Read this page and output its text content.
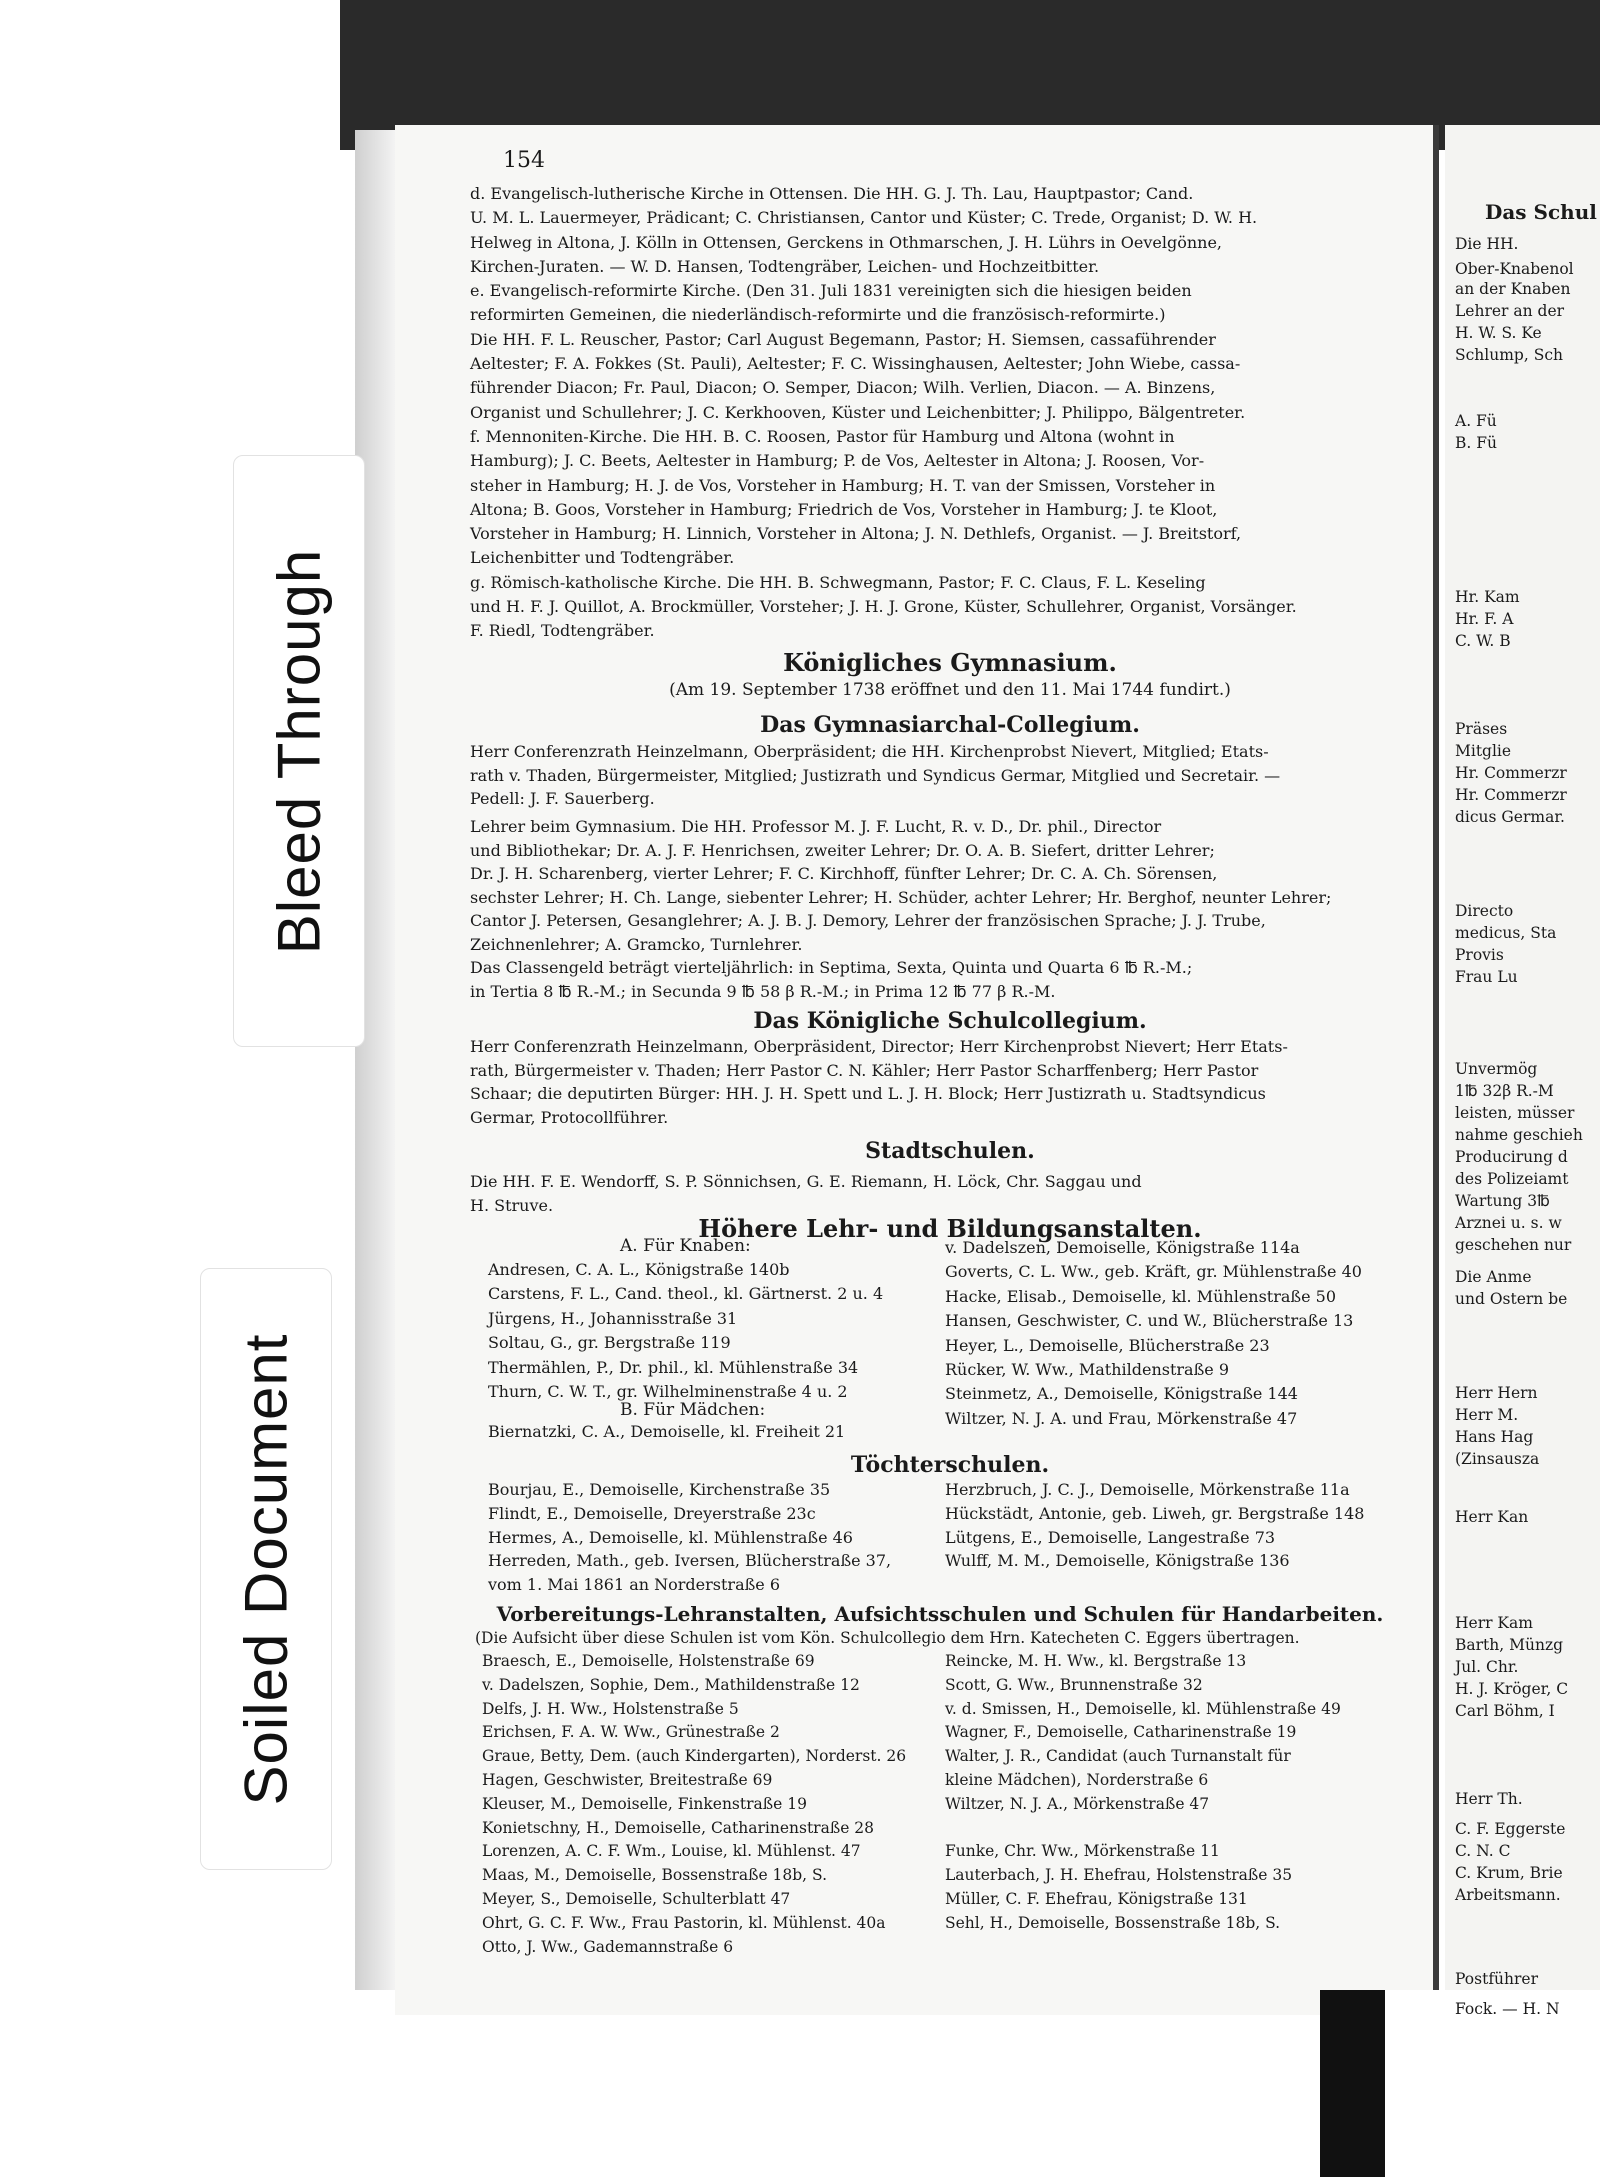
Bleed Through
Soiled Document
154
d. Evangelisch-lutherische Kirche in Ottensen. Die HH. G. J. Th. Lau, Hauptpastor; Cand.
U. M. L. Lauermeyer, Prädicant; C. Christiansen, Cantor und Küster; C. Trede, Organist; D. W. H.
Helweg in Altona, J. Kölln in Ottensen, Gerckens in Othmarschen, J. H. Lührs in Oevelgönne,
Kirchen-Juraten. — W. D. Hansen, Todtengräber, Leichen- und Hochzeitbitter.
e. Evangelisch-reformirte Kirche. (Den 31. Juli 1831 vereinigten sich die hiesigen beiden
reformirten Gemeinen, die niederländisch-reformirte und die französisch-reformirte.)
Die HH. F. L. Reuscher, Pastor; Carl August Begemann, Pastor; H. Siemsen, cassaführender
Aeltester; F. A. Fokkes (St. Pauli), Aeltester; F. C. Wissinghausen, Aeltester; John Wiebe, cassa-
führender Diacon; Fr. Paul, Diacon; O. Semper, Diacon; Wilh. Verlien, Diacon. — A. Binzens,
Organist und Schullehrer; J. C. Kerkhooven, Küster und Leichenbitter; J. Philippo, Bälgentreter.
f. Mennoniten-Kirche. Die HH. B. C. Roosen, Pastor für Hamburg und Altona (wohnt in
Hamburg); J. C. Beets, Aeltester in Hamburg; P. de Vos, Aeltester in Altona; J. Roosen, Vor-
steher in Hamburg; H. J. de Vos, Vorsteher in Hamburg; H. T. van der Smissen, Vorsteher in
Altona; B. Goos, Vorsteher in Hamburg; Friedrich de Vos, Vorsteher in Hamburg; J. te Kloot,
Vorsteher in Hamburg; H. Linnich, Vorsteher in Altona; J. N. Dethlefs, Organist. — J. Breitstorf,
Leichenbitter und Todtengräber.
g. Römisch-katholische Kirche. Die HH. B. Schwegmann, Pastor; F. C. Claus, F. L. Keseling
und H. F. J. Quillot, A. Brockmüller, Vorsteher; J. H. J. Grone, Küster, Schullehrer, Organist, Vorsänger.
F. Riedl, Todtengräber.
Königliches Gymnasium.
(Am 19. September 1738 eröffnet und den 11. Mai 1744 fundirt.)
Das Gymnasiarchal-Collegium.
Herr Conferenzrath Heinzelmann, Oberpräsident; die HH. Kirchenprobst Nievert, Mitglied; Etats-
rath v. Thaden, Bürgermeister, Mitglied; Justizrath und Syndicus Germar, Mitglied und Secretair. —
Pedell: J. F. Sauerberg.
Lehrer beim Gymnasium. Die HH. Professor M. J. F. Lucht, R. v. D., Dr. phil., Director
und Bibliothekar; Dr. A. J. F. Henrichsen, zweiter Lehrer; Dr. O. A. B. Siefert, dritter Lehrer;
Dr. J. H. Scharenberg, vierter Lehrer; F. C. Kirchhoff, fünfter Lehrer; Dr. C. A. Ch. Sörensen,
sechster Lehrer; H. Ch. Lange, siebenter Lehrer; H. Schüder, achter Lehrer; Hr. Berghof, neunter Lehrer;
Cantor J. Petersen, Gesanglehrer; A. J. B. J. Demory, Lehrer der französischen Sprache; J. J. Trube,
Zeichnenlehrer; A. Gramcko, Turnlehrer.
Das Classengeld beträgt vierteljährlich: in Septima, Sexta, Quinta und Quarta 6 ℔ R.-M.;
in Tertia 8 ℔ R.-M.; in Secunda 9 ℔ 58 β R.-M.; in Prima 12 ℔ 77 β R.-M.
Das Königliche Schulcollegium.
Herr Conferenzrath Heinzelmann, Oberpräsident, Director; Herr Kirchenprobst Nievert; Herr Etats-
rath, Bürgermeister v. Thaden; Herr Pastor C. N. Kähler; Herr Pastor Scharffenberg; Herr Pastor
Schaar; die deputirten Bürger: HH. J. H. Spett und L. J. H. Block; Herr Justizrath u. Stadtsyndicus
Germar, Protocollführer.
Stadtschulen.
Die HH. F. E. Wendorff, S. P. Sönnichsen, G. E. Riemann, H. Löck, Chr. Saggau und
H. Struve.
Höhere Lehr- und Bildungsanstalten.
A. Für Knaben:
Andresen, C. A. L., Königstraße 140b
Carstens, F. L., Cand. theol., kl. Gärtnerst. 2 u. 4
Jürgens, H., Johannisstraße 31
Soltau, G., gr. Bergstraße 119
Thermählen, P., Dr. phil., kl. Mühlenstraße 34
Thurn, C. W. T., gr. Wilhelminenstraße 4 u. 2
B. Für Mädchen:
Biernatzki, C. A., Demoiselle, kl. Freiheit 21
v. Dadelszen, Demoiselle, Königstraße 114a
Goverts, C. L. Ww., geb. Kräft, gr. Mühlenstraße 40
Hacke, Elisab., Demoiselle, kl. Mühlenstraße 50
Hansen, Geschwister, C. und W., Blücherstraße 13
Heyer, L., Demoiselle, Blücherstraße 23
Rücker, W. Ww., Mathildenstraße 9
Steinmetz, A., Demoiselle, Königstraße 144
Wiltzer, N. J. A. und Frau, Mörkenstraße 47
Töchterschulen.
Bourjau, E., Demoiselle, Kirchenstraße 35
Flindt, E., Demoiselle, Dreyerstraße 23c
Hermes, A., Demoiselle, kl. Mühlenstraße 46
Herreden, Math., geb. Iversen, Blücherstraße 37,
vom 1. Mai 1861 an Norderstraße 6
Herzbruch, J. C. J., Demoiselle, Mörkenstraße 11a
Hückstädt, Antonie, geb. Liweh, gr. Bergstraße 148
Lütgens, E., Demoiselle, Langestraße 73
Wulff, M. M., Demoiselle, Königstraße 136
Vorbereitungs-Lehranstalten, Aufsichtsschulen und Schulen für Handarbeiten.
(Die Aufsicht über diese Schulen ist vom Kön. Schulcollegio dem Hrn. Katecheten C. Eggers übertragen.
Braesch, E., Demoiselle, Holstenstraße 69
v. Dadelszen, Sophie, Dem., Mathildenstraße 12
Delfs, J. H. Ww., Holstenstraße 5
Erichsen, F. A. W. Ww., Grünestraße 2
Graue, Betty, Dem. (auch Kindergarten), Norderst. 26
Hagen, Geschwister, Breitestraße 69
Kleuser, M., Demoiselle, Finkenstraße 19
Konietschny, H., Demoiselle, Catharinenstraße 28
Lorenzen, A. C. F. Wm., Louise, kl. Mühlenst. 47
Maas, M., Demoiselle, Bossenstraße 18b, S.
Meyer, S., Demoiselle, Schulterblatt 47
Ohrt, G. C. F. Ww., Frau Pastorin, kl. Mühlenst. 40a
Otto, J. Ww., Gademannstraße 6
Reincke, M. H. Ww., kl. Bergstraße 13
Scott, G. Ww., Brunnenstraße 32
v. d. Smissen, H., Demoiselle, kl. Mühlenstraße 49
Wagner, F., Demoiselle, Catharinenstraße 19
Walter, J. R., Candidat (auch Turnanstalt für
kleine Mädchen), Norderstraße 6
Wiltzer, N. J. A., Mörkenstraße 47

Funke, Chr. Ww., Mörkenstraße 11
Lauterbach, J. H. Ehefrau, Holstenstraße 35
Müller, C. F. Ehefrau, Königstraße 131
Sehl, H., Demoiselle, Bossenstraße 18b, S.
Das Schul
Die HH.
Ober-Knabenol
an der Knaben
Lehrer an der
H. W. S. Ke
Schlump, Sch
A. Fü
B. Fü
Hr. Kam
Hr. F. A
C. W. B
Präses
Mitglie
Hr. Commerzr
Hr. Commerzr
dicus Germar.
Directo
medicus, Sta
Provis
Frau Lu
Unvermög
1℔ 32β R.-M
leisten, müsser
nahme geschieh
Producirung d
des Polizeiamt
Wartung 3℔
Arznei u. s. w
geschehen nur
Die Anme
und Ostern be
Herr Hern
Herr M.
Hans Hag
(Zinsausza
Herr Kan
Herr Kam
Barth, Münzg
Jul. Chr.
H. J. Kröger, C
Carl Böhm, I
Herr Th.
C. F. Eggerste
C. N. C
C. Krum, Brie
Arbeitsmann.
Postführer
Fock. — H. N
